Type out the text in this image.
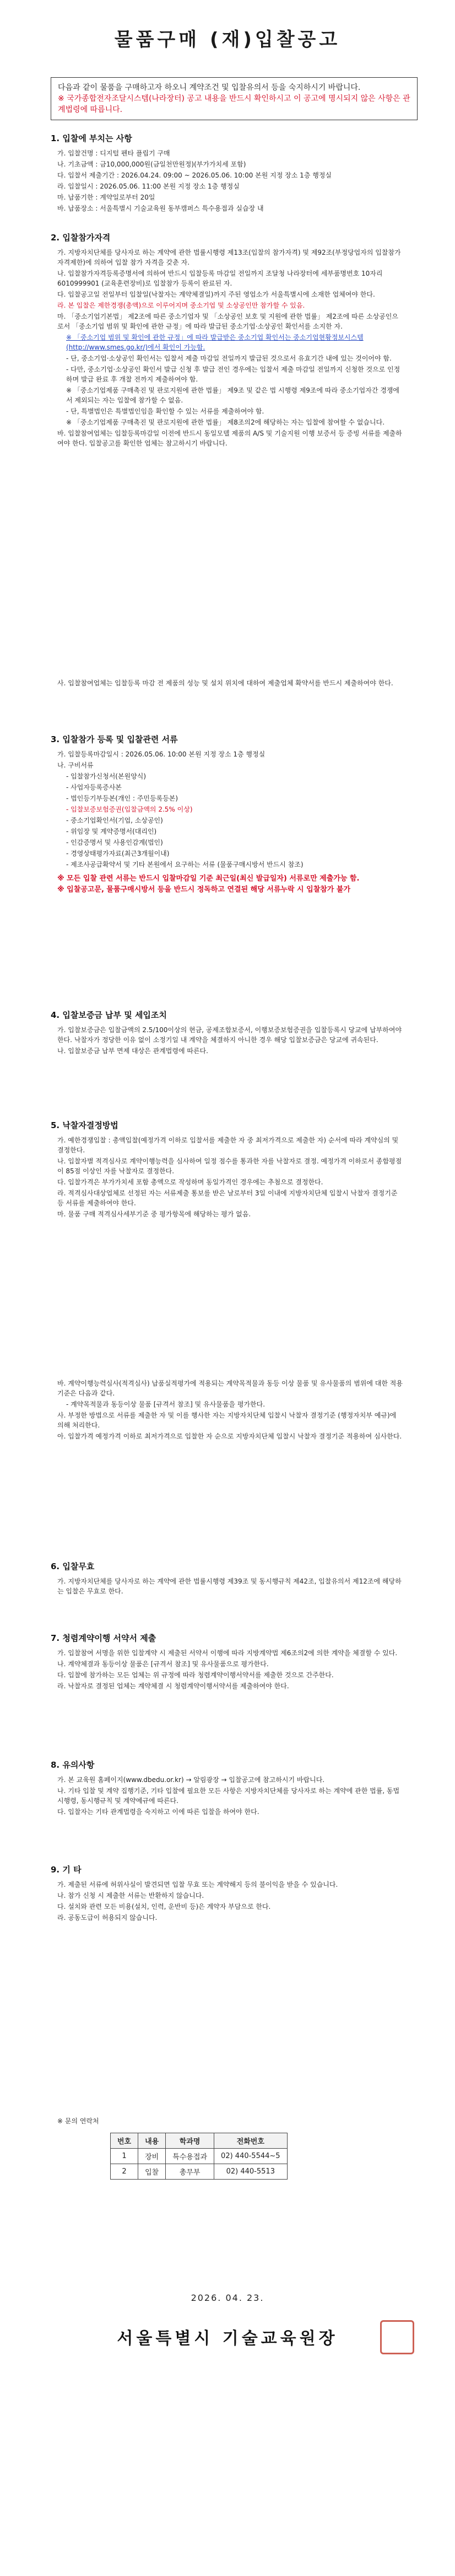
물품구매 (재)입찰공고
다음과 같이 물품을 구매하고자 하오니 계약조건 및 입찰유의서 등을 숙지하시기 바랍니다.
※ 국가종합전자조달시스템(나라장터) 공고 내용을 반드시 확인하시고 이 공고에 명시되지 않은 사항은 관계법령에 따릅니다.
1. 입찰에 부치는 사항
가. 입찰건명 : 디지털 펜타 플립기 구매
나. 기초금액 : 금10,000,000원(금일천만원정)(부가가치세 포함)
다. 입찰서 제출기간 : 2026.04.24. 09:00 ~ 2026.05.06. 10:00 본원 지정 장소 1층 행정실
라. 입찰일시 : 2026.05.06. 11:00 본원 지정 장소 1층 행정실
마. 납품기한 : 계약일로부터 20일
바. 납품장소 : 서울특별시 기술교육원 동부캠퍼스 특수용접과 실습장 내
2. 입찰참가자격
가. 지방자치단체를 당사자로 하는 계약에 관한 법률시행령 제13조(입찰의 참가자격) 및 제92조(부정당업자의 입찰참가 자격제한)에 의하여 입찰 참가 자격을 갖춘 자.
나. 입찰참가자격등록증명서에 의하여 반드시 입찰등록 마감일 전일까지 조달청 나라장터에 세부품명번호 10자리 6010999901 (교육훈련장비)로 입찰참가 등록이 완료된 자.
다. 입찰공고일 전일부터 입찰일(낙찰자는 계약체결일)까지 주된 영업소가 서울특별시에 소재한 업체여야 한다.
라. 본 입찰은 제한경쟁(총액)으로 이루어지며 중소기업 및 소상공인만 참가할 수 있음.
마. 「중소기업기본법」 제2조에 따른 중소기업자 및 「소상공인 보호 및 지원에 관한 법률」 제2조에 따른 소상공인으로서 「중소기업 범위 및 확인에 관한 규정」에 따라 발급된 중소기업·소상공인 확인서를 소지한 자.
※ 「중소기업 범위 및 확인에 관한 규정」에 따라 발급받은 중소기업 확인서는 중소기업현황정보시스템(http://www.smes.go.kr/)에서 확인이 가능함.
- 단, 중소기업·소상공인 확인서는 입찰서 제출 마감일 전일까지 발급된 것으로서 유효기간 내에 있는 것이어야 함.
- 다만, 중소기업·소상공인 확인서 발급 신청 후 발급 전인 경우에는 입찰서 제출 마감일 전일까지 신청한 것으로 인정하며 발급 완료 후 개찰 전까지 제출하여야 함.
※ 「중소기업제품 구매촉진 및 판로지원에 관한 법률」 제9조 및 같은 법 시행령 제9조에 따라 중소기업자간 경쟁에서 제외되는 자는 입찰에 참가할 수 없음.
- 단, 특별법인은 특별법인임을 확인할 수 있는 서류를 제출하여야 함.
※ 「중소기업제품 구매촉진 및 판로지원에 관한 법률」 제8조의2에 해당하는 자는 입찰에 참여할 수 없습니다.
바. 입찰참여업체는 입찰등록마감일 이전에 반드시 동일모델 제품의 A/S 및 기술지원 이행 보증서 등 증빙 서류를 제출하여야 한다. 입찰공고를 확인한 업체는 참고하시기 바랍니다.
사. 입찰참여업체는 입찰등록 마감 전 제품의 성능 및 설치 위치에 대하여 제출업체 확약서를 반드시 제출하여야 한다.
3. 입찰참가 등록 및 입찰관련 서류
가. 입찰등록마감일시 : 2026.05.06. 10:00 본원 지정 장소 1층 행정실
나. 구비서류
- 입찰참가신청서(본원양식)
- 사업자등록증사본
- 법인등기부등본(개인 : 주민등록등본)
- 입찰보증보험증권(입찰금액의 2.5% 이상)
- 중소기업확인서(기업, 소상공인)
- 위임장 및 계약증명서(대리인)
- 인감증명서 및 사용인감계(법인)
- 경영상태평가자료(최근3개월이내)
- 제조사공급확약서 및 기타 본원에서 요구하는 서류 (물품구매시방서 반드시 참조)
※ 모든 입찰 관련 서류는 반드시 입찰마감일 기준 최근일(최신 발급일자) 서류로만 제출가능 함.
※ 입찰공고문, 물품구매시방서 등을 반드시 정독하고 연결된 해당 서류누락 시 입찰참가 불가
4. 입찰보증금 납부 및 세입조치
가. 입찰보증금은 입찰금액의 2.5/100이상의 현금, 공제조합보증서, 이행보증보험증권을 입찰등록시 당교에 납부하여야 한다. 낙찰자가 정당한 이유 없이 소정기일 내 계약을 체결하지 아니한 경우 해당 입찰보증금은 당교에 귀속된다.
나. 입찰보증금 납부 면제 대상은 관계법령에 따른다.
5. 낙찰자결정방법
가. 예한경쟁입찰 : 총액입찰(예정가격 이하로 입찰서를 제출한 자 중 최저가격으로 제출한 자) 순서에 따라 계약심의 및 결정한다.
나. 입찰자별 적격심사로 계약이행능력을 심사하여 일정 점수를 통과한 자를 낙찰자로 결정. 예정가격 이하로서 종합평점이 85점 이상인 자를 낙찰자로 결정한다.
다. 입찰가격은 부가가치세 포함 총액으로 작성하며 동일가격인 경우에는 추첨으로 결정한다.
라. 적격심사대상업체로 선정된 자는 서류제출 통보를 받은 날로부터 3일 이내에 지방자치단체 입찰시 낙찰자 결정기준 등 서류를 제출하여야 한다.
마. 물품 구매 적격심사세부기준 중 평가항목에 해당하는 평가 없음.
바. 계약이행능력심사(적격심사) 납품실적평가에 적용되는 계약목적물과 동등 이상 물품 및 유사물품의 범위에 대한 적용기준은 다음과 같다.
- 계약목적물과 동등이상 물품 [규격서 참조] 및 유사물품을 평가한다.
사. 부정한 방법으로 서류를 제출한 자 및 이를 행사한 자는 지방자치단체 입찰시 낙찰자 결정기준 (행정자치부 예규)에 의해 처리한다.
아. 입찰가격 예정가격 이하로 최저가격으로 입찰한 자 순으로 지방자치단체 입찰시 낙찰자 결정기준 적용하여 심사한다.
6. 입찰무효
가. 지방자치단체를 당사자로 하는 계약에 관한 법률시행령 제39조 및 동시행규칙 제42조, 입찰유의서 제12조에 해당하는 입찰은 무효로 한다.
7. 청렴계약이행 서약서 제출
가. 입찰참여 서명을 위한 입찰계약 시 제출된 서약서 이행에 따라 지방계약법 제6조의2에 의한 계약을 체결할 수 있다.
나. 계약체결과 동등이상 물품은 [규격서 참조] 및 유사물품으로 평가한다.
다. 입찰에 참가하는 모든 업체는 위 규정에 따라 청렴계약이행서약서를 제출한 것으로 간주한다.
라. 낙찰자로 결정된 업체는 계약체결 시 청렴계약이행서약서를 제출하여야 한다.
8. 유의사항
가. 본 교육원 홈페이지(www.dbedu.or.kr) → 알림광장 → 입찰공고에 참고하시기 바랍니다.
나. 기타 입찰 및 계약 집행기준, 기타 입찰에 필요한 모든 사항은 지방자치단체를 당사자로 하는 계약에 관한 법률, 동법시행령, 동시행규칙 및 계약예규에 따른다.
다. 입찰자는 기타 관계법령을 숙지하고 이에 따른 입찰을 하여야 한다.
9. 기 타
가. 제출된 서류에 허위사실이 발견되면 입찰 무효 또는 계약해지 등의 불이익을 받을 수 있습니다.
나. 참가 신청 시 제출한 서류는 반환하지 않습니다.
다. 설치와 관련 모든 비용(설치, 인력, 운반비 등)은 계약자 부담으로 한다.
라. 공동도급이 허용되지 않습니다.
※ 문의 연락처
번호	내용	학과명	전화번호
1	장비	특수용접과	02) 440-5544~5
2	입찰	총무부	02) 440-5513
2026. 04. 23.
서울특별시 기술교육원장
